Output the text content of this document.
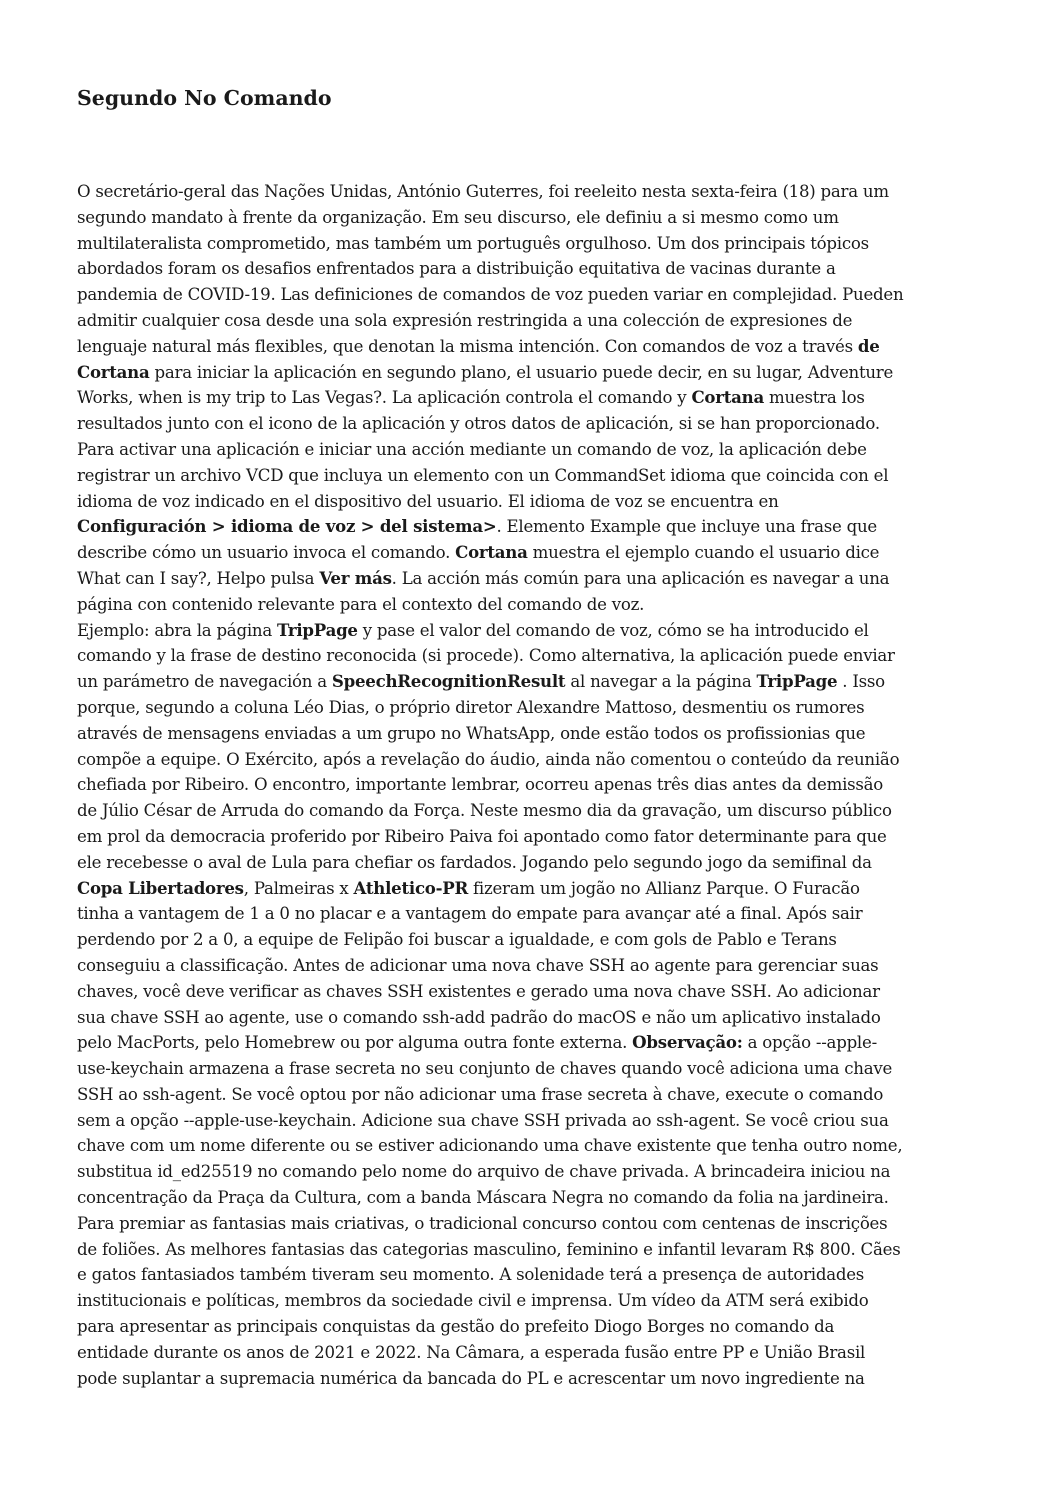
Segundo No Comando

O secretário-geral das Nações Unidas, António Guterres, foi reeleito nesta sexta-feira (18) para um
segundo mandato à frente da organização. Em seu discurso, ele definiu a si mesmo como um
multilateralista comprometido, mas também um português orgulhoso. Um dos principais tópicos
abordados foram os desafios enfrentados para a distribuição equitativa de vacinas durante a
pandemia de COVID-19. Las definiciones de comandos de voz pueden variar en complejidad. Pueden
admitir cualquier cosa desde una sola expresión restringida a una colección de expresiones de
lenguaje natural más flexibles, que denotan la misma intención. Con comandos de voz a través de
Cortana para iniciar la aplicación en segundo plano, el usuario puede decir, en su lugar, Adventure
Works, when is my trip to Las Vegas?. La aplicación controla el comando y Cortana muestra los
resultados junto con el icono de la aplicación y otros datos de aplicación, si se han proporcionado.
Para activar una aplicación e iniciar una acción mediante un comando de voz, la aplicación debe
registrar un archivo VCD que incluya un elemento con un CommandSet idioma que coincida con el
idioma de voz indicado en el dispositivo del usuario. El idioma de voz se encuentra en
Configuración > idioma de voz > del sistema>. Elemento Example que incluye una frase que
describe cómo un usuario invoca el comando. Cortana muestra el ejemplo cuando el usuario dice
What can I say?, Helpo pulsa Ver más. La acción más común para una aplicación es navegar a una
página con contenido relevante para el contexto del comando de voz.

Ejemplo: abra la página TripPage y pase el valor del comando de voz, cómo se ha introducido el
comando y la frase de destino reconocida (si procede). Como alternativa, la aplicación puede enviar
un parámetro de navegación a SpeechRecognitionResult al navegar a la página TripPage . Isso
porque, segundo a coluna Léo Dias, o próprio diretor Alexandre Mattoso, desmentiu os rumores
através de mensagens enviadas a um grupo no WhatsApp, onde estão todos os profissionias que
compõe a equipe. O Exército, após a revelação do áudio, ainda não comentou o conteúdo da reunião
chefiada por Ribeiro. O encontro, importante lembrar, ocorreu apenas três dias antes da demissão
de Júlio César de Arruda do comando da Força. Neste mesmo dia da gravação, um discurso público
em prol da democracia proferido por Ribeiro Paiva foi apontado como fator determinante para que
ele recebesse o aval de Lula para chefiar os fardados. Jogando pelo segundo jogo da semifinal da
Copa Libertadores, Palmeiras x Athletico-PR fizeram um jogão no Allianz Parque. O Furacão
tinha a vantagem de 1 a 0 no placar e a vantagem do empate para avançar até a final. Após sair
perdendo por 2 a 0, a equipe de Felipão foi buscar a igualdade, e com gols de Pablo e Terans
conseguiu a classificação. Antes de adicionar uma nova chave SSH ao agente para gerenciar suas
chaves, você deve verificar as chaves SSH existentes e gerado uma nova chave SSH. Ao adicionar
sua chave SSH ao agente, use o comando ssh-add padrão do macOS e não um aplicativo instalado
pelo MacPorts, pelo Homebrew ou por alguma outra fonte externa. Observação: a opção --apple-
use-keychain armazena a frase secreta no seu conjunto de chaves quando você adiciona uma chave
SSH ao ssh-agent. Se você optou por não adicionar uma frase secreta à chave, execute o comando
sem a opção --apple-use-keychain. Adicione sua chave SSH privada ao ssh-agent. Se você criou sua
chave com um nome diferente ou se estiver adicionando uma chave existente que tenha outro nome,
substitua id_ed25519 no comando pelo nome do arquivo de chave privada. A brincadeira iniciou na
concentração da Praça da Cultura, com a banda Máscara Negra no comando da folia na jardineira.
Para premiar as fantasias mais criativas, o tradicional concurso contou com centenas de inscrições
de foliões. As melhores fantasias das categorias masculino, feminino e infantil levaram R$ 800. Cães
e gatos fantasiados também tiveram seu momento. A solenidade terá a presença de autoridades
institucionais e políticas, membros da sociedade civil e imprensa. Um vídeo da ATM será exibido
para apresentar as principais conquistas da gestão do prefeito Diogo Borges no comando da
entidade durante os anos de 2021 e 2022. Na Câmara, a esperada fusão entre PP e União Brasil
pode suplantar a supremacia numérica da bancada do PL e acrescentar um novo ingrediente na
